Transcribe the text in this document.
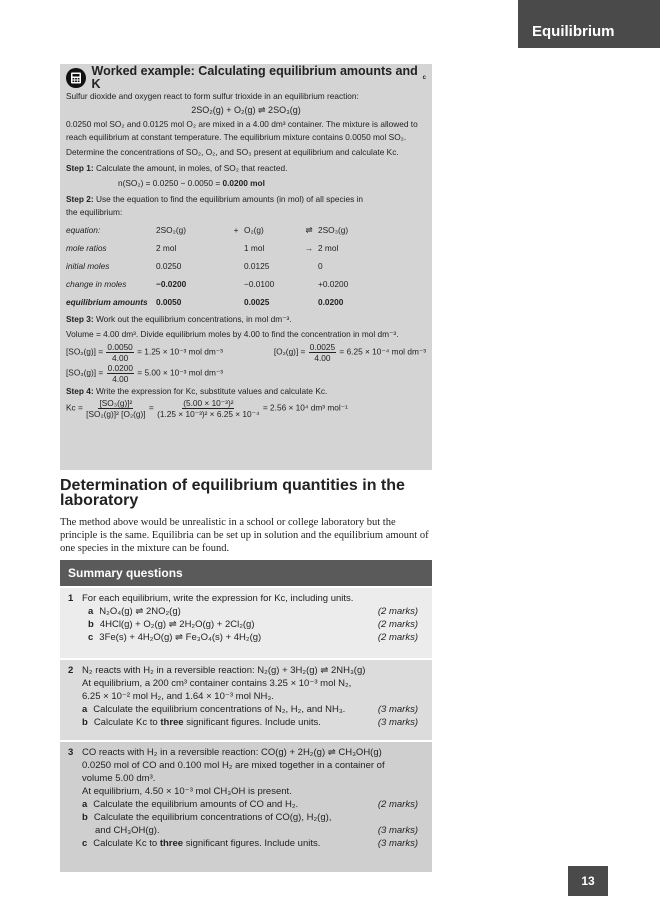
Equilibrium
Worked example: Calculating equilibrium amounts and K	c
Sulfur dioxide and oxygen react to form sulfur trioxide in an equilibrium reaction:
2SO₂(g) + O₂(g) ⇌ 2SO₃(g)
0.0250 mol SO₂ and 0.0125 mol O₂ are mixed in a 4.00 dm³ container. The mixture is allowed to
reach equilibrium at constant temperature. The equilibrium mixture contains 0.0050 mol SO₂.
Determine the concentrations of SO₂, O₂, and SO₃ present at equilibrium and calculate Kc.
Step 1: Calculate the amount, in moles, of SO₂ that reacted.
n(SO₂) = 0.0250 − 0.0050 = 0.0200 mol
Step 2: Use the equation to find the equilibrium amounts (in mol) of all species in
the equilibrium:
equation:	2SO₂(g)	+ O₂(g)	⇌ 2SO₃(g)
mole ratios	2 mol	1 mol	→ 2 mol
initial moles	0.0250	0.0125	0
change in moles	−0.0200	−0.0100	+0.0200
equilibrium amounts	0.0050	0.0025	0.0200
Step 3: Work out the equilibrium concentrations, in mol dm⁻³.
Volume = 4.00 dm³. Divide equilibrium moles by 4.00 to find the concentration in mol dm⁻³.
$[SO_2(g)] = \frac{0.0050}{4.00} = 1.25 \times 10^{-3}$ mol dm⁻³	$[O_2(g)] = \frac{0.0025}{4.00} = 6.25 \times 10^{-4}$ mol dm⁻³
$[SO_3(g)] = \frac{0.0200}{4.00} = 5.00 \times 10^{-3}$ mol dm⁻³
Step 4: Write the expression for Kc, substitute values and calculate Kc.
$Kc = \frac{\text{[SO₃(g)]²}}{\text{[SO₂(g)]² [O₂(g)]}} = \frac{\text{(5.00 × 10⁻³)²}}{\text{(1.25 × 10⁻³)² × 6.25 × 10⁻⁴}} = 2.56 \times 10^4$ dm³ mol⁻¹
Determination of equilibrium quantities in the laboratory
The method above would be unrealistic in a school or college laboratory but the principle is the same. Equilibria can be set up in solution and the equilibrium amount of one species in the mixture can be found.
Summary questions
1 For each equilibrium, write the expression for Kc, including units.
a N₂O₄(g) ⇌ 2NO₂(g)	(2 marks)
b 4HCl(g) + O₂(g) ⇌ 2H₂O(g) + 2Cl₂(g)	(2 marks)
c 3Fe(s) + 4H₂O(g) ⇌ Fe₃O₄(s) + 4H₂(g)	(2 marks)
2 N₂ reacts with H₂ in a reversible reaction: N₂(g) + 3H₂(g) ⇌ 2NH₃(g)
At equilibrium, a 200 cm³ container contains 3.25 × 10⁻³ mol N₂,
6.25 × 10⁻² mol H₂, and 1.64 × 10⁻³ mol NH₃.
a Calculate the equilibrium concentrations of N₂, H₂, and NH₃.	(3 marks)
b Calculate Kc to three significant figures. Include units.	(3 marks)
3 CO reacts with H₂ in a reversible reaction: CO(g) + 2H₂(g) ⇌ CH₃OH(g)
0.0250 mol of CO and 0.100 mol H₂ are mixed together in a container of
volume 5.00 dm³.
At equilibrium, 4.50 × 10⁻³ mol CH₃OH is present.
a Calculate the equilibrium amounts of CO and H₂.	(2 marks)
b Calculate the equilibrium concentrations of CO(g), H₂(g),
and CH₃OH(g).	(3 marks)
c Calculate Kc to three significant figures. Include units.	(3 marks)
13
